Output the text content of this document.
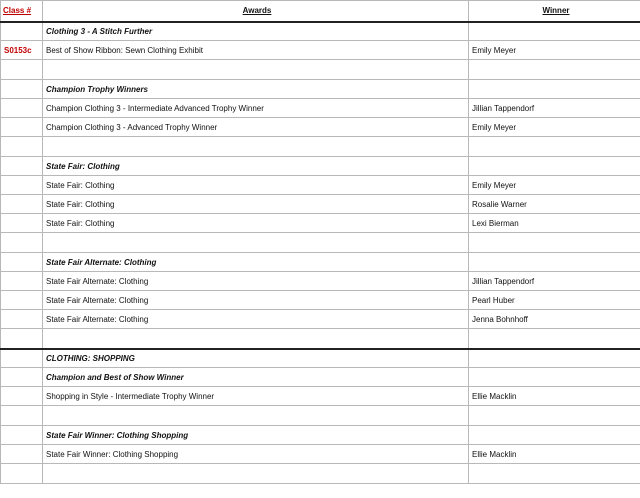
Class #	Awards	Winner
	Clothing 3 - A Stitch Further	
S0153c	Best of Show Ribbon: Sewn Clothing Exhibit	Emily Meyer

	Champion Trophy Winners	
	Champion Clothing 3 - Intermediate Advanced Trophy Winner	Jillian Tappendorf
	Champion Clothing 3 - Advanced Trophy Winner	Emily Meyer

	State Fair: Clothing	
	State Fair: Clothing	Emily Meyer
	State Fair: Clothing	Rosalie Warner
	State Fair: Clothing	Lexi Bierman

	State Fair Alternate: Clothing	
	State Fair Alternate: Clothing	Jillian Tappendorf
	State Fair Alternate: Clothing	Pearl Huber
	State Fair Alternate: Clothing	Jenna Bohnhoff

	CLOTHING: SHOPPING	
	Champion and Best of Show Winner	
	Shopping in Style - Intermediate Trophy Winner	Ellie Macklin

	State Fair Winner: Clothing Shopping	
	State Fair Winner: Clothing Shopping	Ellie Macklin
